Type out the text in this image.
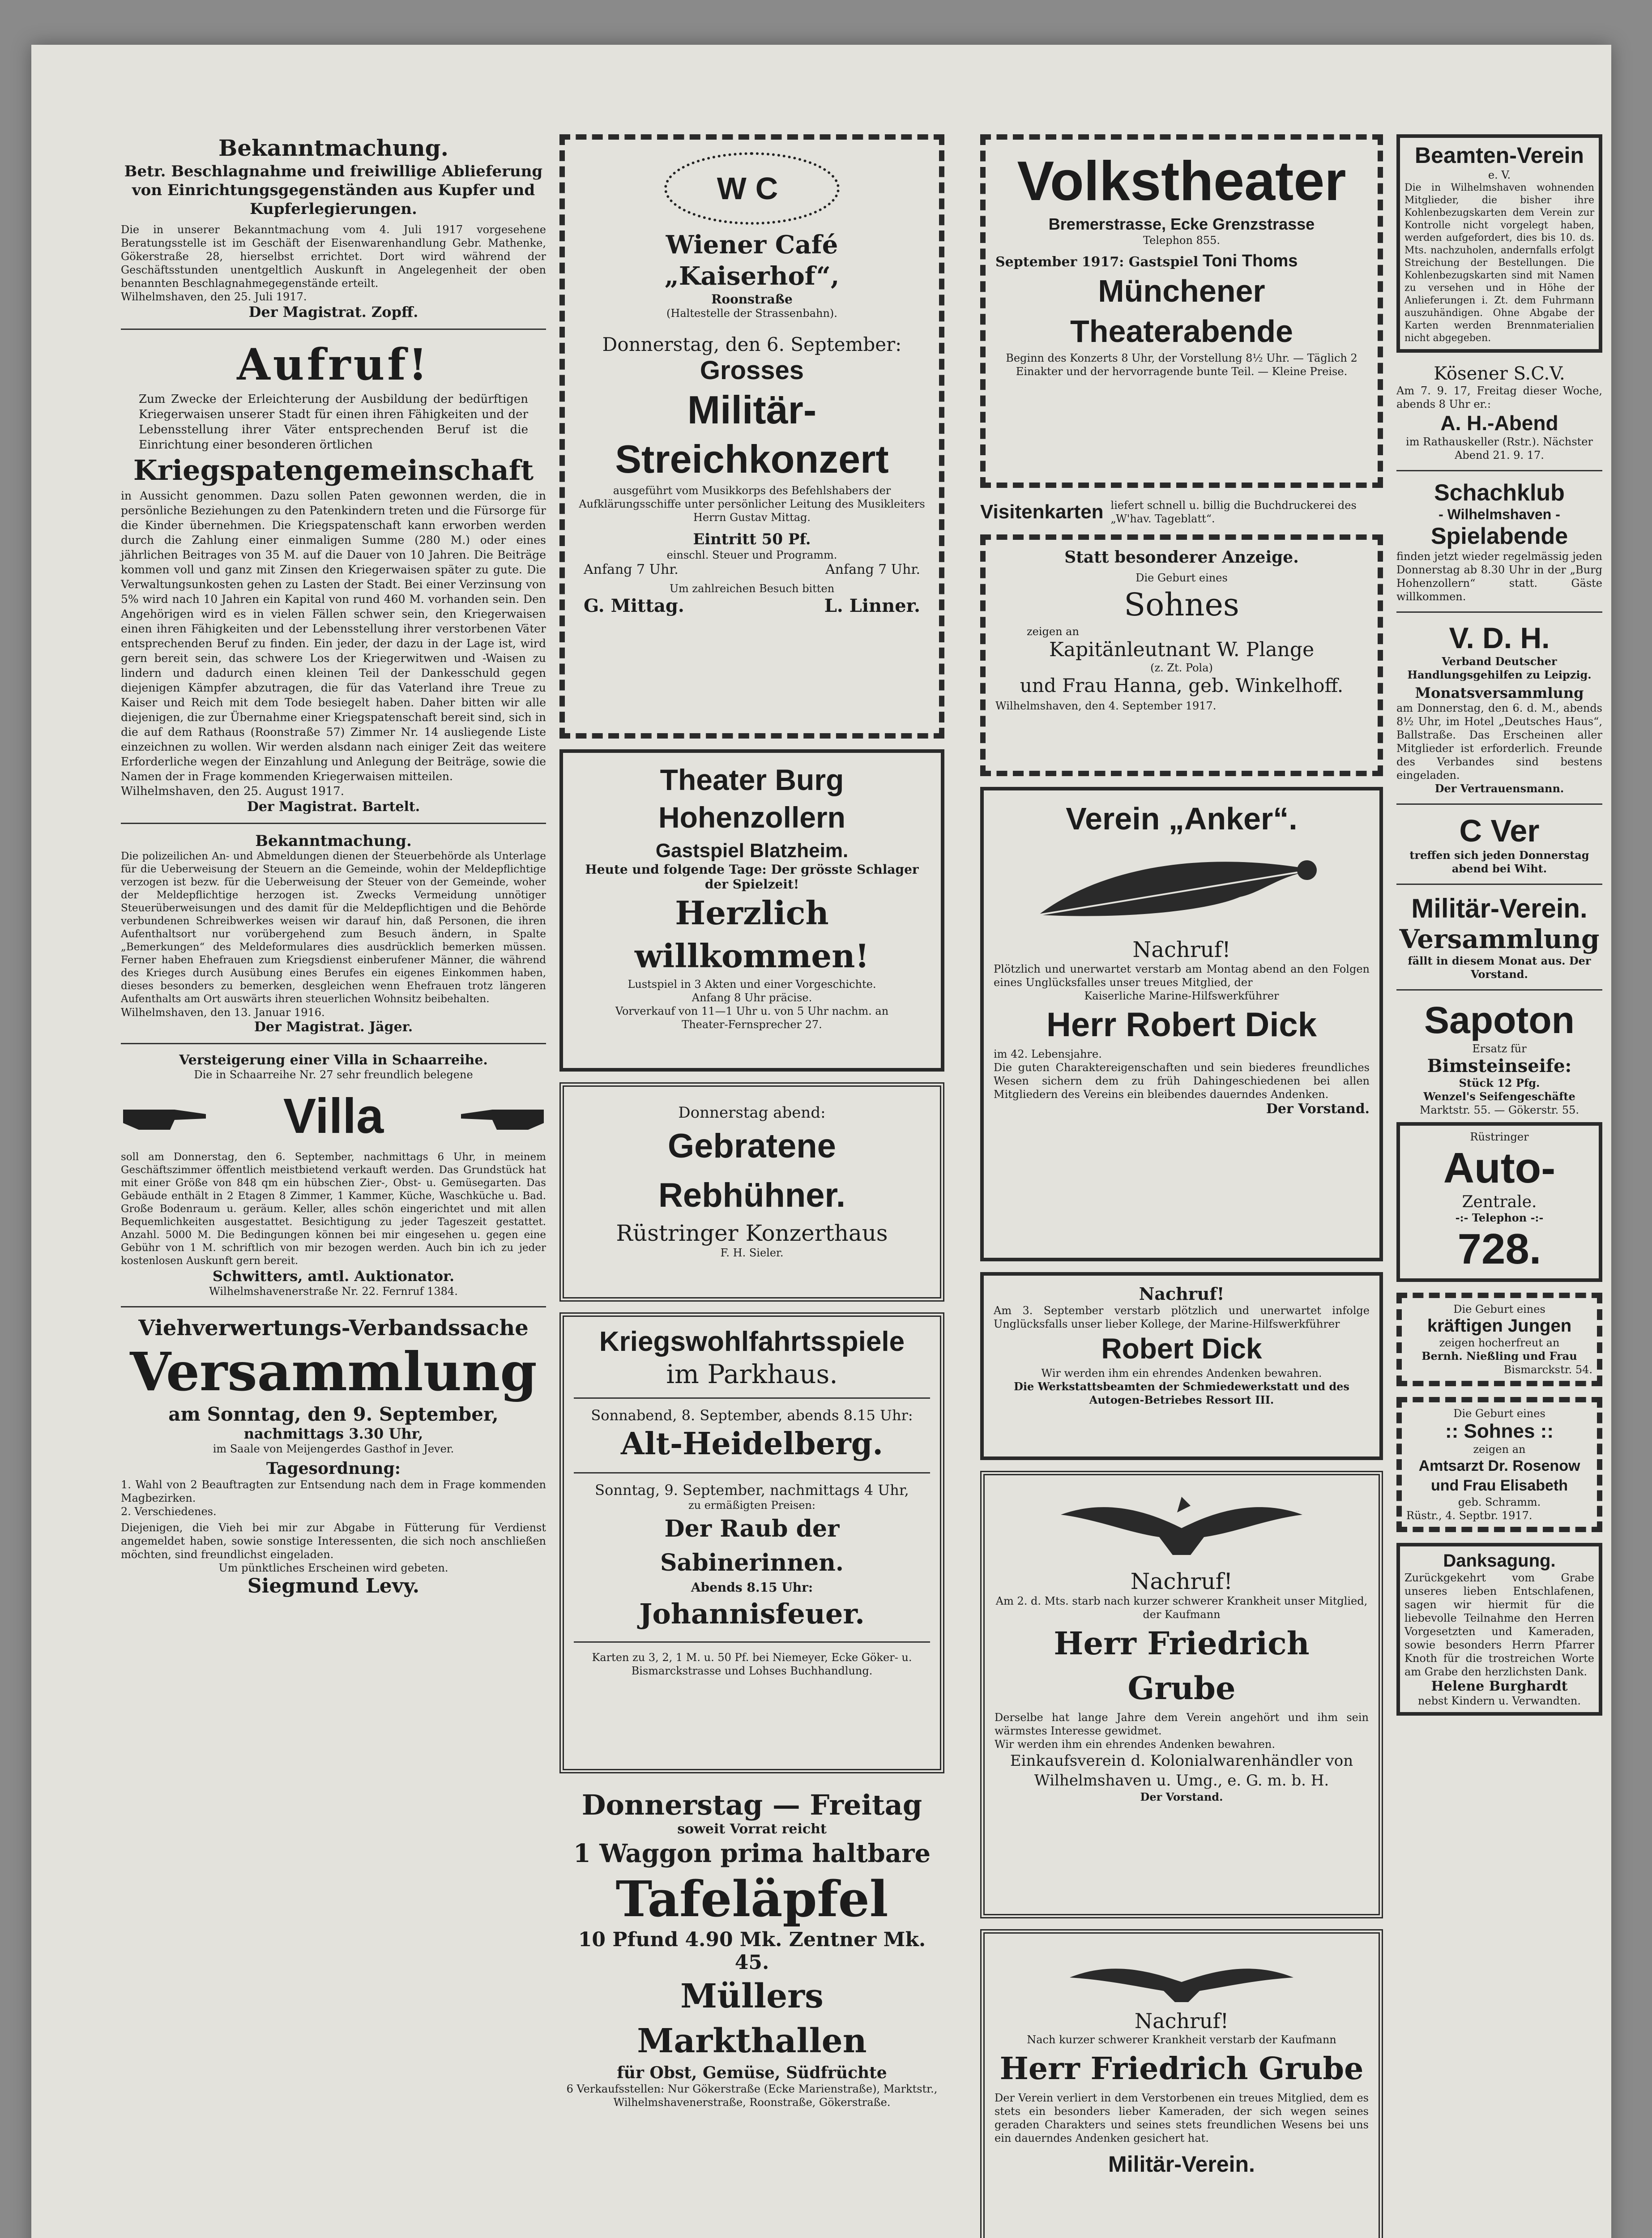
Bekanntmachung.
Betr. Beschlagnahme und freiwillige Ablieferung von Einrichtungsgegenständen aus Kupfer und Kupferlegierungen.
Die in unserer Bekanntmachung vom 4. Juli 1917 vorgesehene Beratungsstelle ist im Geschäft der Eisenwarenhandlung Gebr. Mathenke, Gökerstraße 28, hierselbst errichtet. Dort wird während der Geschäftsstunden unentgeltlich Auskunft in Angelegenheit der oben benannten Beschlagnahmegegenstände erteilt.
Wilhelmshaven, den 25. Juli 1917.
Der Magistrat. Zopff.
Aufruf!
Zum Zwecke der Erleichterung der Ausbildung der bedürftigen Kriegerwaisen unserer Stadt für einen ihren Fähigkeiten und der Lebensstellung ihrer Väter entsprechenden Beruf ist die Einrichtung einer besonderen örtlichen
Kriegspatengemeinschaft
in Aussicht genommen. Dazu sollen Paten gewonnen werden, die in persönliche Beziehungen zu den Patenkindern treten und die Fürsorge für die Kinder übernehmen. Die Kriegspatenschaft kann erworben werden durch die Zahlung einer einmaligen Summe (280 M.) oder eines jährlichen Beitrages von 35 M. auf die Dauer von 10 Jahren. Die Beiträge kommen voll und ganz mit Zinsen den Kriegerwaisen später zu gute. Die Verwaltungsunkosten gehen zu Lasten der Stadt. Bei einer Verzinsung von 5% wird nach 10 Jahren ein Kapital von rund 460 M. vorhanden sein. Den Angehörigen wird es in vielen Fällen schwer sein, den Kriegerwaisen einen ihren Fähigkeiten und der Lebensstellung ihrer verstorbenen Väter entsprechenden Beruf zu finden. Ein jeder, der dazu in der Lage ist, wird gern bereit sein, das schwere Los der Kriegerwitwen und -Waisen zu lindern und dadurch einen kleinen Teil der Dankesschuld gegen diejenigen Kämpfer abzutragen, die für das Vaterland ihre Treue zu Kaiser und Reich mit dem Tode besiegelt haben. Daher bitten wir alle diejenigen, die zur Übernahme einer Kriegspatenschaft bereit sind, sich in die auf dem Rathaus (Roonstraße 57) Zimmer Nr. 14 ausliegende Liste einzeichnen zu wollen. Wir werden alsdann nach einiger Zeit das weitere Erforderliche wegen der Einzahlung und Anlegung der Beiträge, sowie die Namen der in Frage kommenden Kriegerwaisen mitteilen.
Wilhelmshaven, den 25. August 1917.
Der Magistrat. Bartelt.
Bekanntmachung.
Die polizeilichen An- und Abmeldungen dienen der Steuerbehörde als Unterlage für die Ueberweisung der Steuern an die Gemeinde, wohin der Meldepflichtige verzogen ist bezw. für die Ueberweisung der Steuer von der Gemeinde, woher der Meldepflichtige herzogen ist. Zwecks Vermeidung unnötiger Steuerüberweisungen und des damit für die Meldepflichtigen und die Behörde verbundenen Schreibwerkes weisen wir darauf hin, daß Personen, die ihren Aufenthaltsort nur vorübergehend zum Besuch ändern, in Spalte „Bemerkungen“ des Meldeformulares dies ausdrücklich bemerken müssen. Ferner haben Ehefrauen zum Kriegsdienst einberufener Männer, die während des Krieges durch Ausübung eines Berufes ein eigenes Einkommen haben, dieses besonders zu bemerken, desgleichen wenn Ehefrauen trotz längeren Aufenthalts am Ort auswärts ihren steuerlichen Wohnsitz beibehalten.
Wilhelmshaven, den 13. Januar 1916.
Der Magistrat. Jäger.
Versteigerung einer Villa in Schaarreihe.
Die in Schaarreihe Nr. 27 sehr freundlich belegene
Villa
soll am Donnerstag, den 6. September, nachmittags 6 Uhr, in meinem Geschäftszimmer öffentlich meistbietend verkauft werden. Das Grundstück hat mit einer Größe von 848 qm ein hübschen Zier-, Obst- u. Gemüsegarten. Das Gebäude enthält in 2 Etagen 8 Zimmer, 1 Kammer, Küche, Waschküche u. Bad. Große Bodenraum u. geräum. Keller, alles schön eingerichtet und mit allen Bequemlichkeiten ausgestattet. Besichtigung zu jeder Tageszeit gestattet. Anzahl. 5000 M. Die Bedingungen können bei mir eingesehen u. gegen eine Gebühr von 1 M. schriftlich von mir bezogen werden. Auch bin ich zu jeder kostenlosen Auskunft gern bereit.
Schwitters, amtl. Auktionator.
Wilhelmshavenerstraße Nr. 22. Fernruf 1384.
Viehverwertungs-Verbandssache
Versammlung
am Sonntag, den 9. September,
nachmittags 3.30 Uhr,
im Saale von Meijengerdes Gasthof in Jever.
Tagesordnung:
1. Wahl von 2 Beauftragten zur Entsendung nach dem in Frage kommenden Magbezirken.
2. Verschiedenes.
Diejenigen, die Vieh bei mir zur Abgabe in Fütterung für Verdienst angemeldet haben, sowie sonstige Interessenten, die sich noch anschließen möchten, sind freundlichst eingeladen.
Um pünktliches Erscheinen wird gebeten.
Siegmund Levy.
WC
Wiener Café „Kaiserhof“,
Roonstraße
(Haltestelle der Strassenbahn).
Donnerstag, den 6. September:
Grosses
Militär-Streichkonzert
ausgeführt vom Musikkorps des Befehlshabers der Aufklärungsschiffe unter persönlicher Leitung des Musikleiters Herrn Gustav Mittag.
Eintritt 50 Pf.
einschl. Steuer und Programm.
Anfang 7 Uhr.	Anfang 7 Uhr.
Um zahlreichen Besuch bitten
G. Mittag.	L. Linner.
Theater Burg Hohenzollern
Gastspiel Blatzheim.
Heute und folgende Tage: Der grösste Schlager der Spielzeit!
Herzlich willkommen!
Lustspiel in 3 Akten und einer Vorgeschichte.
Anfang 8 Uhr präcise.
Vorverkauf von 11—1 Uhr u. von 5 Uhr nachm. an
Theater-Fernsprecher 27.
Donnerstag abend:
Gebratene Rebhühner.
Rüstringer Konzerthaus
F. H. Sieler.
Kriegswohlfahrtsspiele
im Parkhaus.
Sonnabend, 8. September, abends 8.15 Uhr:
Alt-Heidelberg.
Sonntag, 9. September, nachmittags 4 Uhr,
zu ermäßigten Preisen:
Der Raub der Sabinerinnen.
Abends 8.15 Uhr:
Johannisfeuer.
Karten zu 3, 2, 1 M. u. 50 Pf. bei Niemeyer, Ecke Göker- u. Bismarckstrasse und Lohses Buchhandlung.
Donnerstag — Freitag
soweit Vorrat reicht
1 Waggon prima haltbare
Tafeläpfel
10 Pfund 4.90 Mk. Zentner Mk. 45.
Müllers Markthallen
für Obst, Gemüse, Südfrüchte
6 Verkaufsstellen: Nur Gökerstraße (Ecke Marienstraße), Marktstr., Wilhelmshavenerstraße, Roonstraße, Gökerstraße.
Volkstheater
Bremerstrasse, Ecke Grenzstrasse
Telephon 855.
September 1917: Gastspiel Toni Thoms
Münchener Theaterabende
Beginn des Konzerts 8 Uhr, der Vorstellung 8½ Uhr. — Täglich 2 Einakter und der hervorragende bunte Teil. — Kleine Preise.
Visitenkarten liefert schnell u. billig die Buchdruckerei des „W'hav. Tageblatt“.
Statt besonderer Anzeige.
Die Geburt eines
Sohnes
zeigen an
Kapitänleutnant W. Plange
(z. Zt. Pola)
und Frau Hanna, geb. Winkelhoff.
Wilhelmshaven, den 4. September 1917.
Verein „Anker“.
Nachruf!
Plötzlich und unerwartet verstarb am Montag abend an den Folgen eines Unglücksfalles unser treues Mitglied, der
Kaiserliche Marine-Hilfswerkführer
Herr Robert Dick
im 42. Lebensjahre.
Die guten Charaktereigenschaften und sein biederes freundliches Wesen sichern dem zu früh Dahingeschiedenen bei allen Mitgliedern des Vereins ein bleibendes dauerndes Andenken.
Der Vorstand.
Nachruf!
Am 3. September verstarb plötzlich und unerwartet infolge Unglücksfalls unser lieber Kollege, der Marine-Hilfswerkführer
Robert Dick
Wir werden ihm ein ehrendes Andenken bewahren.
Die Werkstattsbeamten der Schmiedewerkstatt und des Autogen-Betriebes Ressort III.
Nachruf!
Am 2. d. Mts. starb nach kurzer schwerer Krankheit unser Mitglied, der Kaufmann
Herr Friedrich Grube
Derselbe hat lange Jahre dem Verein angehört und ihm sein wärmstes Interesse gewidmet.
Wir werden ihm ein ehrendes Andenken bewahren.
Einkaufsverein d. Kolonialwarenhändler von Wilhelmshaven u. Umg., e. G. m. b. H.
Der Vorstand.
Nachruf!
Nach kurzer schwerer Krankheit verstarb der Kaufmann
Herr Friedrich Grube
Der Verein verliert in dem Verstorbenen ein treues Mitglied, dem es stets ein besonders lieber Kameraden, der sich wegen seines geraden Charakters und seines stets freundlichen Wesens bei uns ein dauerndes Andenken gesichert hat.
Militär-Verein.
Beamten-Verein
e. V.
Die in Wilhelmshaven wohnenden Mitglieder, die bisher ihre Kohlenbezugskarten dem Verein zur Kontrolle nicht vorgelegt haben, werden aufgefordert, dies bis 10. ds. Mts. nachzuholen, andernfalls erfolgt Streichung der Bestellungen. Die Kohlenbezugskarten sind mit Namen zu versehen und in Höhe der Anlieferungen i. Zt. dem Fuhrmann auszuhändigen. Ohne Abgabe der Karten werden Brennmaterialien nicht abgegeben.
Kösener S.C.V.
Am 7. 9. 17, Freitag dieser Woche, abends 8 Uhr er.:
A. H.-Abend
im Rathauskeller (Rstr.). Nächster Abend 21. 9. 17.
Schachklub
- Wilhelmshaven -
Spielabende
finden jetzt wieder regelmässig jeden Donnerstag ab 8.30 Uhr in der „Burg Hohenzollern“ statt. Gäste willkommen.
V. D. H.
Verband Deutscher Handlungsgehilfen zu Leipzig.
Monatsversammlung
am Donnerstag, den 6. d. M., abends 8½ Uhr, im Hotel „Deutsches Haus“, Ballstraße. Das Erscheinen aller Mitglieder ist erforderlich. Freunde des Verbandes sind bestens eingeladen.
Der Vertrauensmann.
C Ver
treffen sich jeden Donnerstag abend bei Wiht.
Militär-Verein.
Versammlung
fällt in diesem Monat aus. Der Vorstand.
Sapoton
Ersatz für
Bimsteinseife:
Stück 12 Pfg.
Wenzel's Seifengeschäfte
Marktstr. 55. — Gökerstr. 55.
Rüstringer
Auto-
Zentrale.
-:- Telephon -:-
728.
Die Geburt eines
kräftigen Jungen
zeigen hocherfreut an
Bernh. Nießling und Frau
Bismarckstr. 54.
Die Geburt eines
:: Sohnes ::
zeigen an
Amtsarzt Dr. Rosenow und Frau Elisabeth
geb. Schramm.
Rüstr., 4. Septbr. 1917.
Danksagung.
Zurückgekehrt vom Grabe unseres lieben Entschlafenen, sagen wir hiermit für die liebevolle Teilnahme den Herren Vorgesetzten und Kameraden, sowie besonders Herrn Pfarrer Knoth für die trostreichen Worte am Grabe den herzlichsten Dank.
Helene Burghardt
nebst Kindern u. Verwandten.
